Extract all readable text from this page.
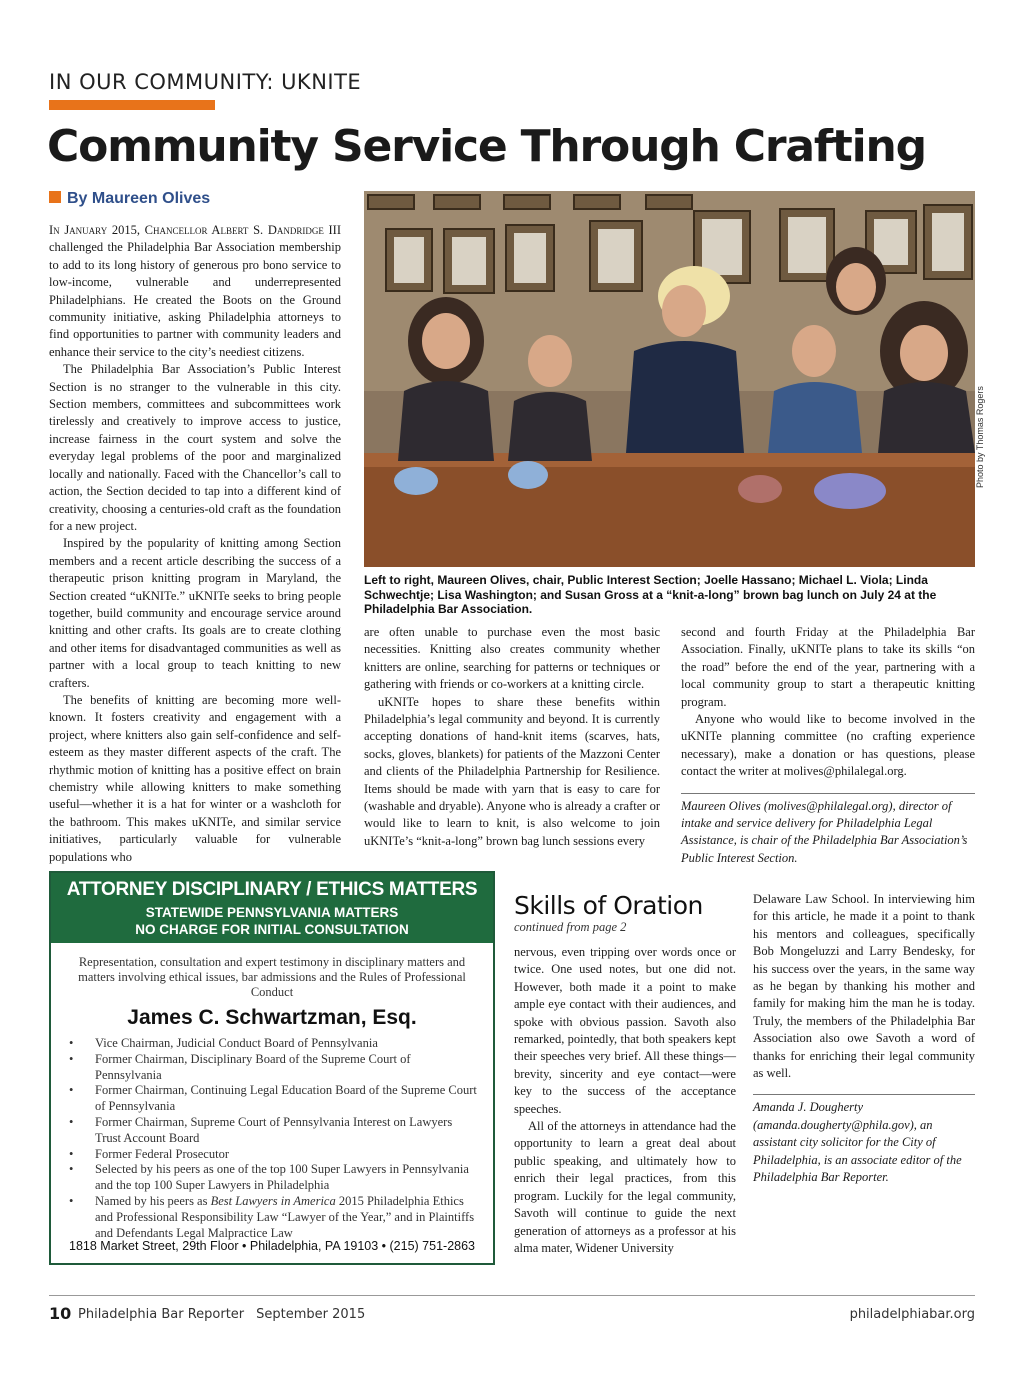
IN OUR COMMUNITY: UKNITE
Community Service Through Crafting
By Maureen Olives

In January 2015, Chancellor Albert S. Dandridge III challenged the Philadelphia Bar Association membership to add to its long history of generous pro bono service to low-income, vulnerable and underrepresented Philadelphians. He created the Boots on the Ground community initiative, asking Philadelphia attorneys to find opportunities to partner with community leaders and enhance their service to the city’s neediest citizens.

The Philadelphia Bar Association’s Public Interest Section is no stranger to the vulnerable in this city. Section members, committees and subcommittees work tirelessly and creatively to improve access to justice, increase fairness in the court system and solve the everyday legal problems of the poor and marginalized locally and nationally. Faced with the Chancellor’s call to action, the Section decided to tap into a different kind of creativity, choosing a centuries-old craft as the foundation for a new project.

Inspired by the popularity of knitting among Section members and a recent article describing the success of a therapeutic prison knitting program in Maryland, the Section created “uKNITe.” uKNITe seeks to bring people together, build community and encourage service around knitting and other crafts. Its goals are to create clothing and other items for disadvantaged communities as well as partner with a local group to teach knitting to new crafters.

The benefits of knitting are becoming more well-known. It fosters creativity and engagement with a project, where knitters also gain self-confidence and self-esteem as they master different aspects of the craft. The rhythmic motion of knitting has a positive effect on brain chemistry while allowing knitters to make something useful—whether it is a hat for winter or a washcloth for the bathroom. This makes uKNITe, and similar service initiatives, particularly valuable for vulnerable populations who

Photo by Thomas Rogers
Left to right, Maureen Olives, chair, Public Interest Section; Joelle Hassano; Michael L. Viola; Linda Schwechtje; Lisa Washington; and Susan Gross at a “knit-a-long” brown bag lunch on July 24 at the Philadelphia Bar Association.

are often unable to purchase even the most basic necessities. Knitting also creates community whether knitters are online, searching for patterns or techniques or gathering with friends or co-workers at a knitting circle.

uKNITe hopes to share these benefits within Philadelphia’s legal community and beyond. It is currently accepting donations of hand-knit items (scarves, hats, socks, gloves, blankets) for patients of the Mazzoni Center and clients of the Philadelphia Partnership for Resilience. Items should be made with yarn that is easy to care for (washable and dryable). Anyone who is already a crafter or would like to learn to knit, is also welcome to join uKNITe’s “knit-a-long” brown bag lunch sessions every

second and fourth Friday at the Philadelphia Bar Association. Finally, uKNITe plans to take its skills “on the road” before the end of the year, partnering with a local community group to start a therapeutic knitting program.

Anyone who would like to become involved in the uKNITe planning committee (no crafting experience necessary), make a donation or has questions, please contact the writer at molives@philalegal.org.

Maureen Olives (molives@philalegal.org), director of intake and service delivery for Philadelphia Legal Assistance, is chair of the Philadelphia Bar Association’s Public Interest Section.

ATTORNEY DISCIPLINARY / ETHICS MATTERS
STATEWIDE PENNSYLVANIA MATTERS
NO CHARGE FOR INITIAL CONSULTATION
Representation, consultation and expert testimony in disciplinary matters and matters involving ethical issues, bar admissions and the Rules of Professional Conduct
James C. Schwartzman, Esq.
• Vice Chairman, Judicial Conduct Board of Pennsylvania
• Former Chairman, Disciplinary Board of the Supreme Court of Pennsylvania
• Former Chairman, Continuing Legal Education Board of the Supreme Court of Pennsylvania
• Former Chairman, Supreme Court of Pennsylvania Interest on Lawyers Trust Account Board
• Former Federal Prosecutor
• Selected by his peers as one of the top 100 Super Lawyers in Pennsylvania and the top 100 Super Lawyers in Philadelphia
• Named by his peers as Best Lawyers in America 2015 Philadelphia Ethics and Professional Responsibility Law “Lawyer of the Year,” and in Plaintiffs and Defendants Legal Malpractice Law
1818 Market Street, 29th Floor • Philadelphia, PA 19103 • (215) 751-2863
Skills of Oration
continued from page 2

nervous, even tripping over words once or twice. One used notes, but one did not. However, both made it a point to make ample eye contact with their audiences, and spoke with obvious passion. Savoth also remarked, pointedly, that both speakers kept their speeches very brief. All these things—brevity, sincerity and eye contact—were key to the success of the acceptance speeches.

All of the attorneys in attendance had the opportunity to learn a great deal about public speaking, and ultimately how to enrich their legal practices, from this program. Luckily for the legal community, Savoth will continue to guide the next generation of attorneys as a professor at his alma mater, Widener University

Delaware Law School. In interviewing him for this article, he made it a point to thank his mentors and colleagues, specifically Bob Mongeluzzi and Larry Bendesky, for his success over the years, in the same way as he began by thanking his mother and family for making him the man he is today. Truly, the members of the Philadelphia Bar Association also owe Savoth a word of thanks for enriching their legal community as well.

Amanda J. Dougherty (amanda.dougherty@phila.gov), an assistant city solicitor for the City of Philadelphia, is an associate editor of the Philadelphia Bar Reporter.

10 Philadelphia Bar Reporter September 2015	philadelphiabar.org
